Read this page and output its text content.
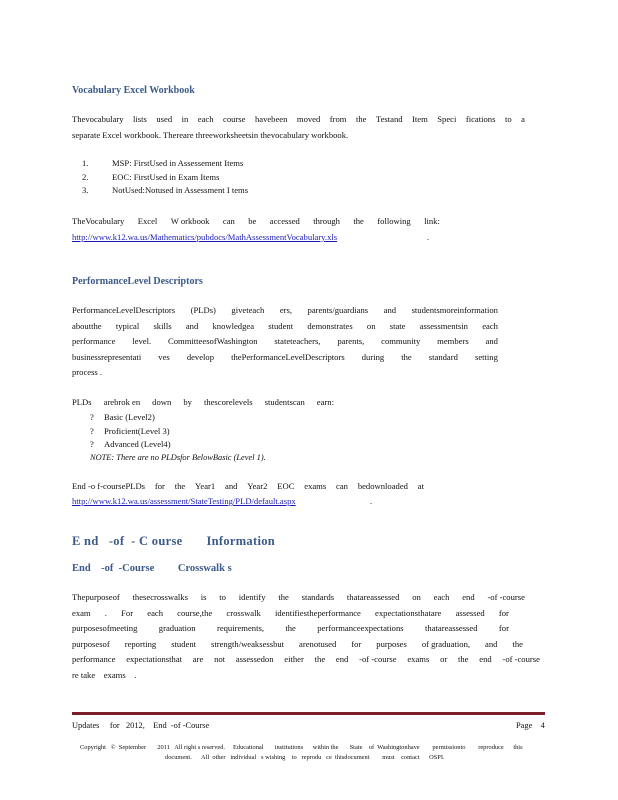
Vocabulary Excel Workbook
Thevocabulary lists used in each course havebeen moved from the Testand Item Speci fications to a
separate Excel workbook. Thereare threeworksheetsin thevocabulary workbook.
1.	MSP: FirstUsed in Assessement Items
2.	EOC: FirstUsed in Exam Items
3.	NotUsed:Notused in Assessment I tems
TheVocabulary Excel W orkbook can be accessed through the following link:
http://www.k12.wa.us/Mathematics/pubdocs/MathAssessmentVocabulary.xls	.
PerformanceLevel Descriptors
PerformanceLevelDescriptors (PLDs) giveteach ers, parents/guardians and studentsmoreinformation
aboutthe typical skills and knowledgea student demonstrates on state assessmentsin each
performance level. CommitteesofWashington stateteachers, parents, community members and
businessrepresentati ves develop thePerformanceLevelDescriptors during the standard setting
process .
PLDs arebrok en down by thescorelevels studentscan earn:
? Basic (Level2)
? Proficient(Level 3)
? Advanced (Level4)
NOTE: There are no PLDsfor BelowBasic (Level 1).
End -o f-coursePLDs for the Year1 and Year2 EOC exams can bedownloaded at
http://www.k12.wa.us/assessment/StateTesting/PLD/default.aspx	.
E nd   -of  - C ourse       Information
End    -of  -Course         Crosswalk s
Thepurposeof thesecrosswalks is to identify the standards thatareassessed on each end -of -course
exam . For each course,the crosswalk identifiestheperformance expectationsthatare assessed for
purposesofmeeting graduation requirements, the performanceexpectations thatareassessed for
purposesof reporting student strength/weaksessbut arenotused for purposes of graduation, and the
performance expectationsthat are not assessedon either the end -of -course exams or the end -of -course
re take    exams    .
Updates     for   2012,    End  -of -Course	Page    4
Copyright   ©  September       2011   All right s reserved.     Educational       institutions      within the       State    of  Washingtonhave        permissionto        reproduce      this
document.      All  other   individual   s wishing    to   reprodu   ce  thisdocument        must    contact      OSPI.
